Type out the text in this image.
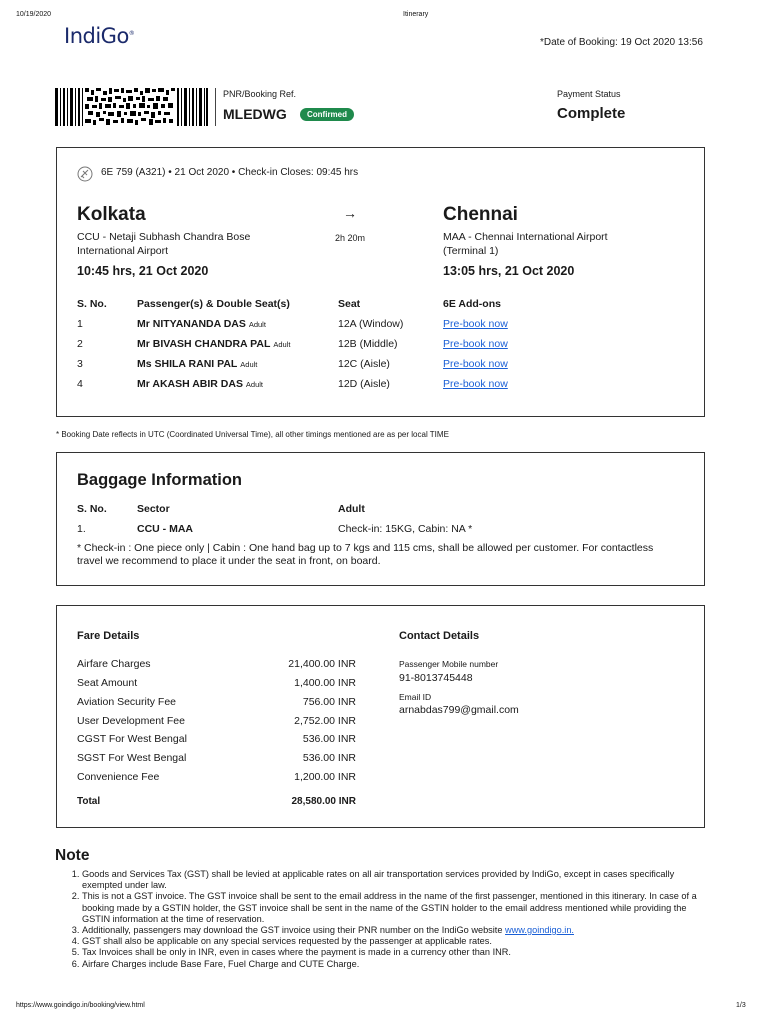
10/19/2020	Itinerary
IndiGo®
*Date of Booking: 19 Oct 2020 13:56
PNR/Booking Ref.
MLEDWG	Confirmed
Payment Status
Complete
6E 759 (A321) • 21 Oct 2020 • Check-in Closes: 09:45 hrs
Kolkata	→	Chennai
CCU - Netaji Subhash Chandra Bose International Airport
2h 20m	MAA - Chennai International Airport (Terminal 1)
10:45 hrs, 21 Oct 2020	13:05 hrs, 21 Oct 2020
S. No.	Passenger(s) & Double Seat(s)	Seat	6E Add-ons
1	Mr NITYANANDA DAS Adult	12A (Window)	Pre-book now
2	Mr BIVASH CHANDRA PAL Adult	12B (Middle)	Pre-book now
3	Ms SHILA RANI PAL Adult	12C (Aisle)	Pre-book now
4	Mr AKASH ABIR DAS Adult	12D (Aisle)	Pre-book now
* Booking Date reflects in UTC (Coordinated Universal Time), all other timings mentioned are as per local TIME
Baggage Information
S. No.	Sector	Adult
1.	CCU - MAA	Check-in: 15KG, Cabin: NA *
* Check-in : One piece only | Cabin : One hand bag up to 7 kgs and 115 cms, shall be allowed per customer. For contactless travel we recommend to place it under the seat in front, on board.
Fare Details
Airfare Charges	21,400.00 INR
Seat Amount	1,400.00 INR
Aviation Security Fee	756.00 INR
User Development Fee	2,752.00 INR
CGST For West Bengal	536.00 INR
SGST For West Bengal	536.00 INR
Convenience Fee	1,200.00 INR
Total	28,580.00 INR
Contact Details
Passenger Mobile number
91-8013745448
Email ID
arnabdas799@gmail.com
Note
1. Goods and Services Tax (GST) shall be levied at applicable rates on all air transportation services provided by IndiGo, except in cases specifically exempted under law.
2. This is not a GST invoice. The GST invoice shall be sent to the email address in the name of the first passenger, mentioned in this itinerary. In case of a booking made by a GSTIN holder, the GST invoice shall be sent in the name of the GSTIN holder to the email address mentioned while providing the GSTIN information at the time of reservation.
3. Additionally, passengers may download the GST invoice using their PNR number on the IndiGo website www.goindigo.in.
4. GST shall also be applicable on any special services requested by the passenger at applicable rates.
5. Tax Invoices shall be only in INR, even in cases where the payment is made in a currency other than INR.
6. Airfare Charges include Base Fare, Fuel Charge and CUTE Charge.
https://www.goindigo.in/booking/view.html	1/3
